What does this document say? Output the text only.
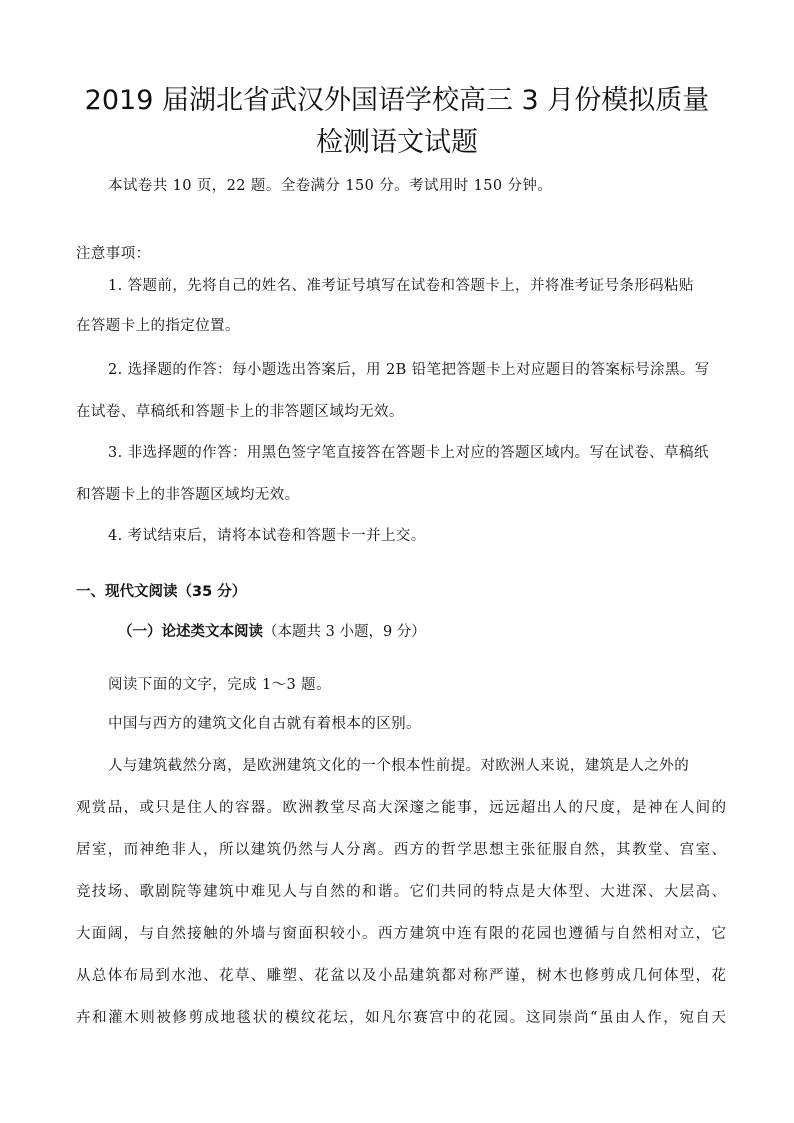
2019 届湖北省武汉外国语学校高三 3 月份模拟质量
检测语文试题
本试卷共 10 页，22 题。全卷满分 150 分。考试用时 150 分钟。
注意事项：
1. 答题前，先将自己的姓名、准考证号填写在试卷和答题卡上，并将准考证号条形码粘贴
在答题卡上的指定位置。
2. 选择题的作答：每小题选出答案后，用 2B 铅笔把答题卡上对应题目的答案标号涂黑。写
在试卷、草稿纸和答题卡上的非答题区域均无效。
3. 非选择题的作答：用黑色签字笔直接答在答题卡上对应的答题区域内。写在试卷、草稿纸
和答题卡上的非答题区域均无效。
4. 考试结束后，请将本试卷和答题卡一并上交。
一、现代文阅读（35 分）
（一）论述类文本阅读（本题共 3 小题，9 分）
阅读下面的文字，完成 1～3 题。
中国与西方的建筑文化自古就有着根本的区别。
人与建筑截然分离，是欧洲建筑文化的一个根本性前提。对欧洲人来说，建筑是人之外的
观赏品，或只是住人的容器。欧洲教堂尽高大深邃之能事，远远超出人的尺度，是神在人间的
居室，而神绝非人，所以建筑仍然与人分离。西方的哲学思想主张征服自然，其教堂、宫室、
竞技场、歌剧院等建筑中难见人与自然的和谐。它们共同的特点是大体型、大进深、大层高、
大面阔，与自然接触的外墙与窗面积较小。西方建筑中连有限的花园也遵循与自然相对立，它
从总体布局到水池、花草、雕塑、花盆以及小品建筑都对称严谨，树木也修剪成几何体型，花
卉和灌木则被修剪成地毯状的模纹花坛，如凡尔赛宫中的花园。这同崇尚“虽由人作，宛自天
